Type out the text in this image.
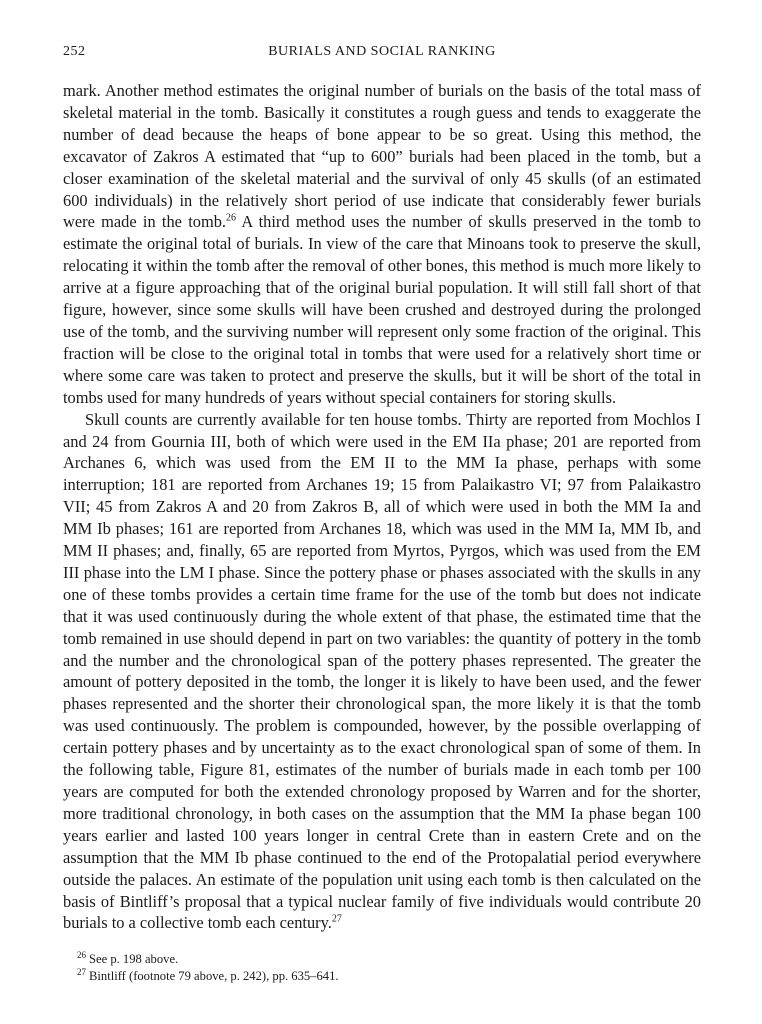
252	BURIALS AND SOCIAL RANKING

mark. Another method estimates the original number of burials on the basis of the total mass of skeletal material in the tomb. Basically it constitutes a rough guess and tends to exaggerate the number of dead because the heaps of bone appear to be so great. Using this method, the excavator of Zakros A estimated that “up to 600” burials had been placed in the tomb, but a closer examination of the skeletal material and the survival of only 45 skulls (of an estimated 600 individuals) in the relatively short period of use indicate that considerably fewer burials were made in the tomb.$^{26}$ A third method uses the number of skulls preserved in the tomb to estimate the original total of burials. In view of the care that Minoans took to preserve the skull, relocating it within the tomb after the removal of other bones, this method is much more likely to arrive at a figure approaching that of the original burial population. It will still fall short of that figure, however, since some skulls will have been crushed and destroyed during the prolonged use of the tomb, and the surviving number will represent only some fraction of the original. This fraction will be close to the original total in tombs that were used for a relatively short time or where some care was taken to protect and preserve the skulls, but it will be short of the total in tombs used for many hundreds of years without special containers for storing skulls.

Skull counts are currently available for ten house tombs. Thirty are reported from Mochlos I and 24 from Gournia III, both of which were used in the EM IIa phase; 201 are reported from Archanes 6, which was used from the EM II to the MM Ia phase, perhaps with some interruption; 181 are reported from Archanes 19; 15 from Palaikastro VI; 97 from Palaikastro VII; 45 from Zakros A and 20 from Zakros B, all of which were used in both the MM Ia and MM Ib phases; 161 are reported from Archanes 18, which was used in the MM Ia, MM Ib, and MM II phases; and, finally, 65 are reported from Myrtos, Pyrgos, which was used from the EM III phase into the LM I phase. Since the pottery phase or phases associated with the skulls in any one of these tombs provides a certain time frame for the use of the tomb but does not indicate that it was used continuously during the whole extent of that phase, the estimated time that the tomb remained in use should depend in part on two variables: the quantity of pottery in the tomb and the number and the chronological span of the pottery phases represented. The greater the amount of pottery deposited in the tomb, the longer it is likely to have been used, and the fewer phases represented and the shorter their chronological span, the more likely it is that the tomb was used continuously. The problem is compounded, however, by the possible overlapping of certain pottery phases and by uncertainty as to the exact chronological span of some of them. In the following table, Figure 81, estimates of the number of burials made in each tomb per 100 years are computed for both the extended chronology proposed by Warren and for the shorter, more traditional chronology, in both cases on the assumption that the MM Ia phase began 100 years earlier and lasted 100 years longer in central Crete than in eastern Crete and on the assumption that the MM Ib phase continued to the end of the Protopalatial period everywhere outside the palaces. An estimate of the population unit using each tomb is then calculated on the basis of Bintliff’s proposal that a typical nuclear family of five individuals would contribute 20 burials to a collective tomb each century.$^{27}$

$^{26}$ See p. 198 above.
$^{27}$ Bintliff (footnote 79 above, p. 242), pp. 635–641.
